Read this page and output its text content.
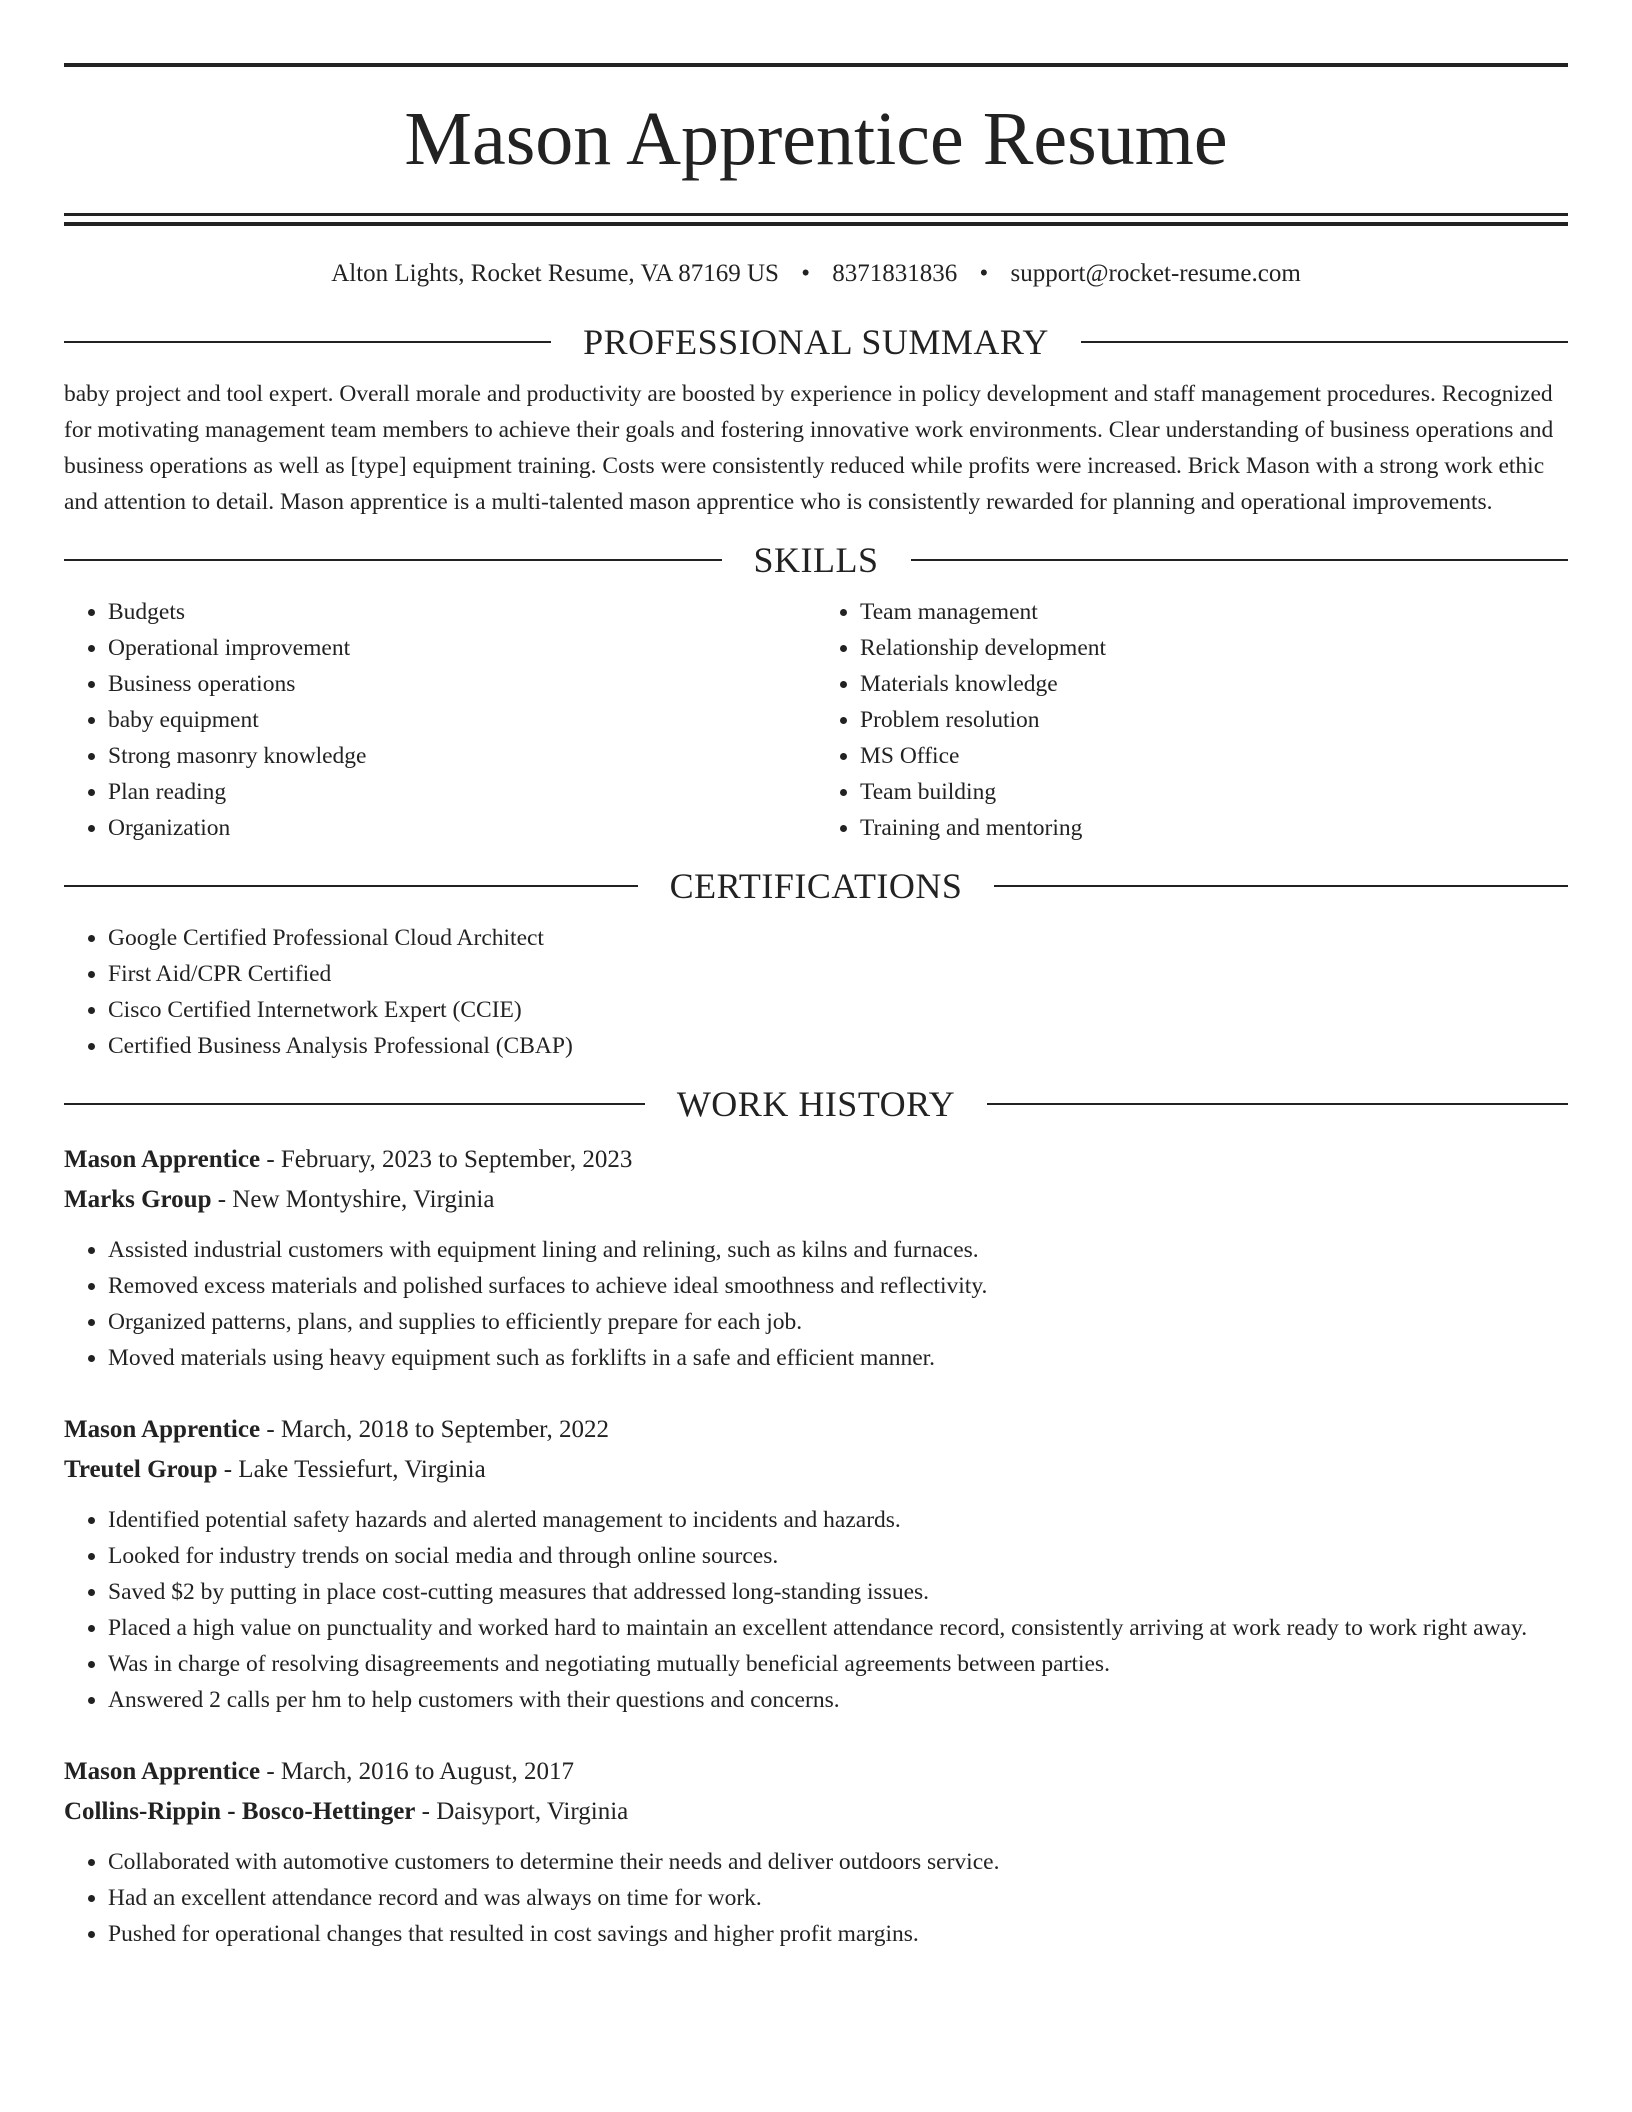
Mason Apprentice Resume
Alton Lights, Rocket Resume, VA 87169 US • 8371831836 • support@rocket-resume.com
PROFESSIONAL SUMMARY
baby project and tool expert. Overall morale and productivity are boosted by experience in policy development and staff management procedures. Recognized for motivating management team members to achieve their goals and fostering innovative work environments. Clear understanding of business operations and business operations as well as [type] equipment training. Costs were consistently reduced while profits were increased. Brick Mason with a strong work ethic and attention to detail. Mason apprentice is a multi-talented mason apprentice who is consistently rewarded for planning and operational improvements.
SKILLS
• Budgets
• Operational improvement
• Business operations
• baby equipment
• Strong masonry knowledge
• Plan reading
• Organization
• Team management
• Relationship development
• Materials knowledge
• Problem resolution
• MS Office
• Team building
• Training and mentoring
CERTIFICATIONS
• Google Certified Professional Cloud Architect
• First Aid/CPR Certified
• Cisco Certified Internetwork Expert (CCIE)
• Certified Business Analysis Professional (CBAP)
WORK HISTORY
Mason Apprentice - February, 2023 to September, 2023
Marks Group - New Montyshire, Virginia
• Assisted industrial customers with equipment lining and relining, such as kilns and furnaces.
• Removed excess materials and polished surfaces to achieve ideal smoothness and reflectivity.
• Organized patterns, plans, and supplies to efficiently prepare for each job.
• Moved materials using heavy equipment such as forklifts in a safe and efficient manner.
Mason Apprentice - March, 2018 to September, 2022
Treutel Group - Lake Tessiefurt, Virginia
• Identified potential safety hazards and alerted management to incidents and hazards.
• Looked for industry trends on social media and through online sources.
• Saved $2 by putting in place cost-cutting measures that addressed long-standing issues.
• Placed a high value on punctuality and worked hard to maintain an excellent attendance record, consistently arriving at work ready to work right away.
• Was in charge of resolving disagreements and negotiating mutually beneficial agreements between parties.
• Answered 2 calls per hm to help customers with their questions and concerns.
Mason Apprentice - March, 2016 to August, 2017
Collins-Rippin - Bosco-Hettinger - Daisyport, Virginia
• Collaborated with automotive customers to determine their needs and deliver outdoors service.
• Had an excellent attendance record and was always on time for work.
• Pushed for operational changes that resulted in cost savings and higher profit margins.
